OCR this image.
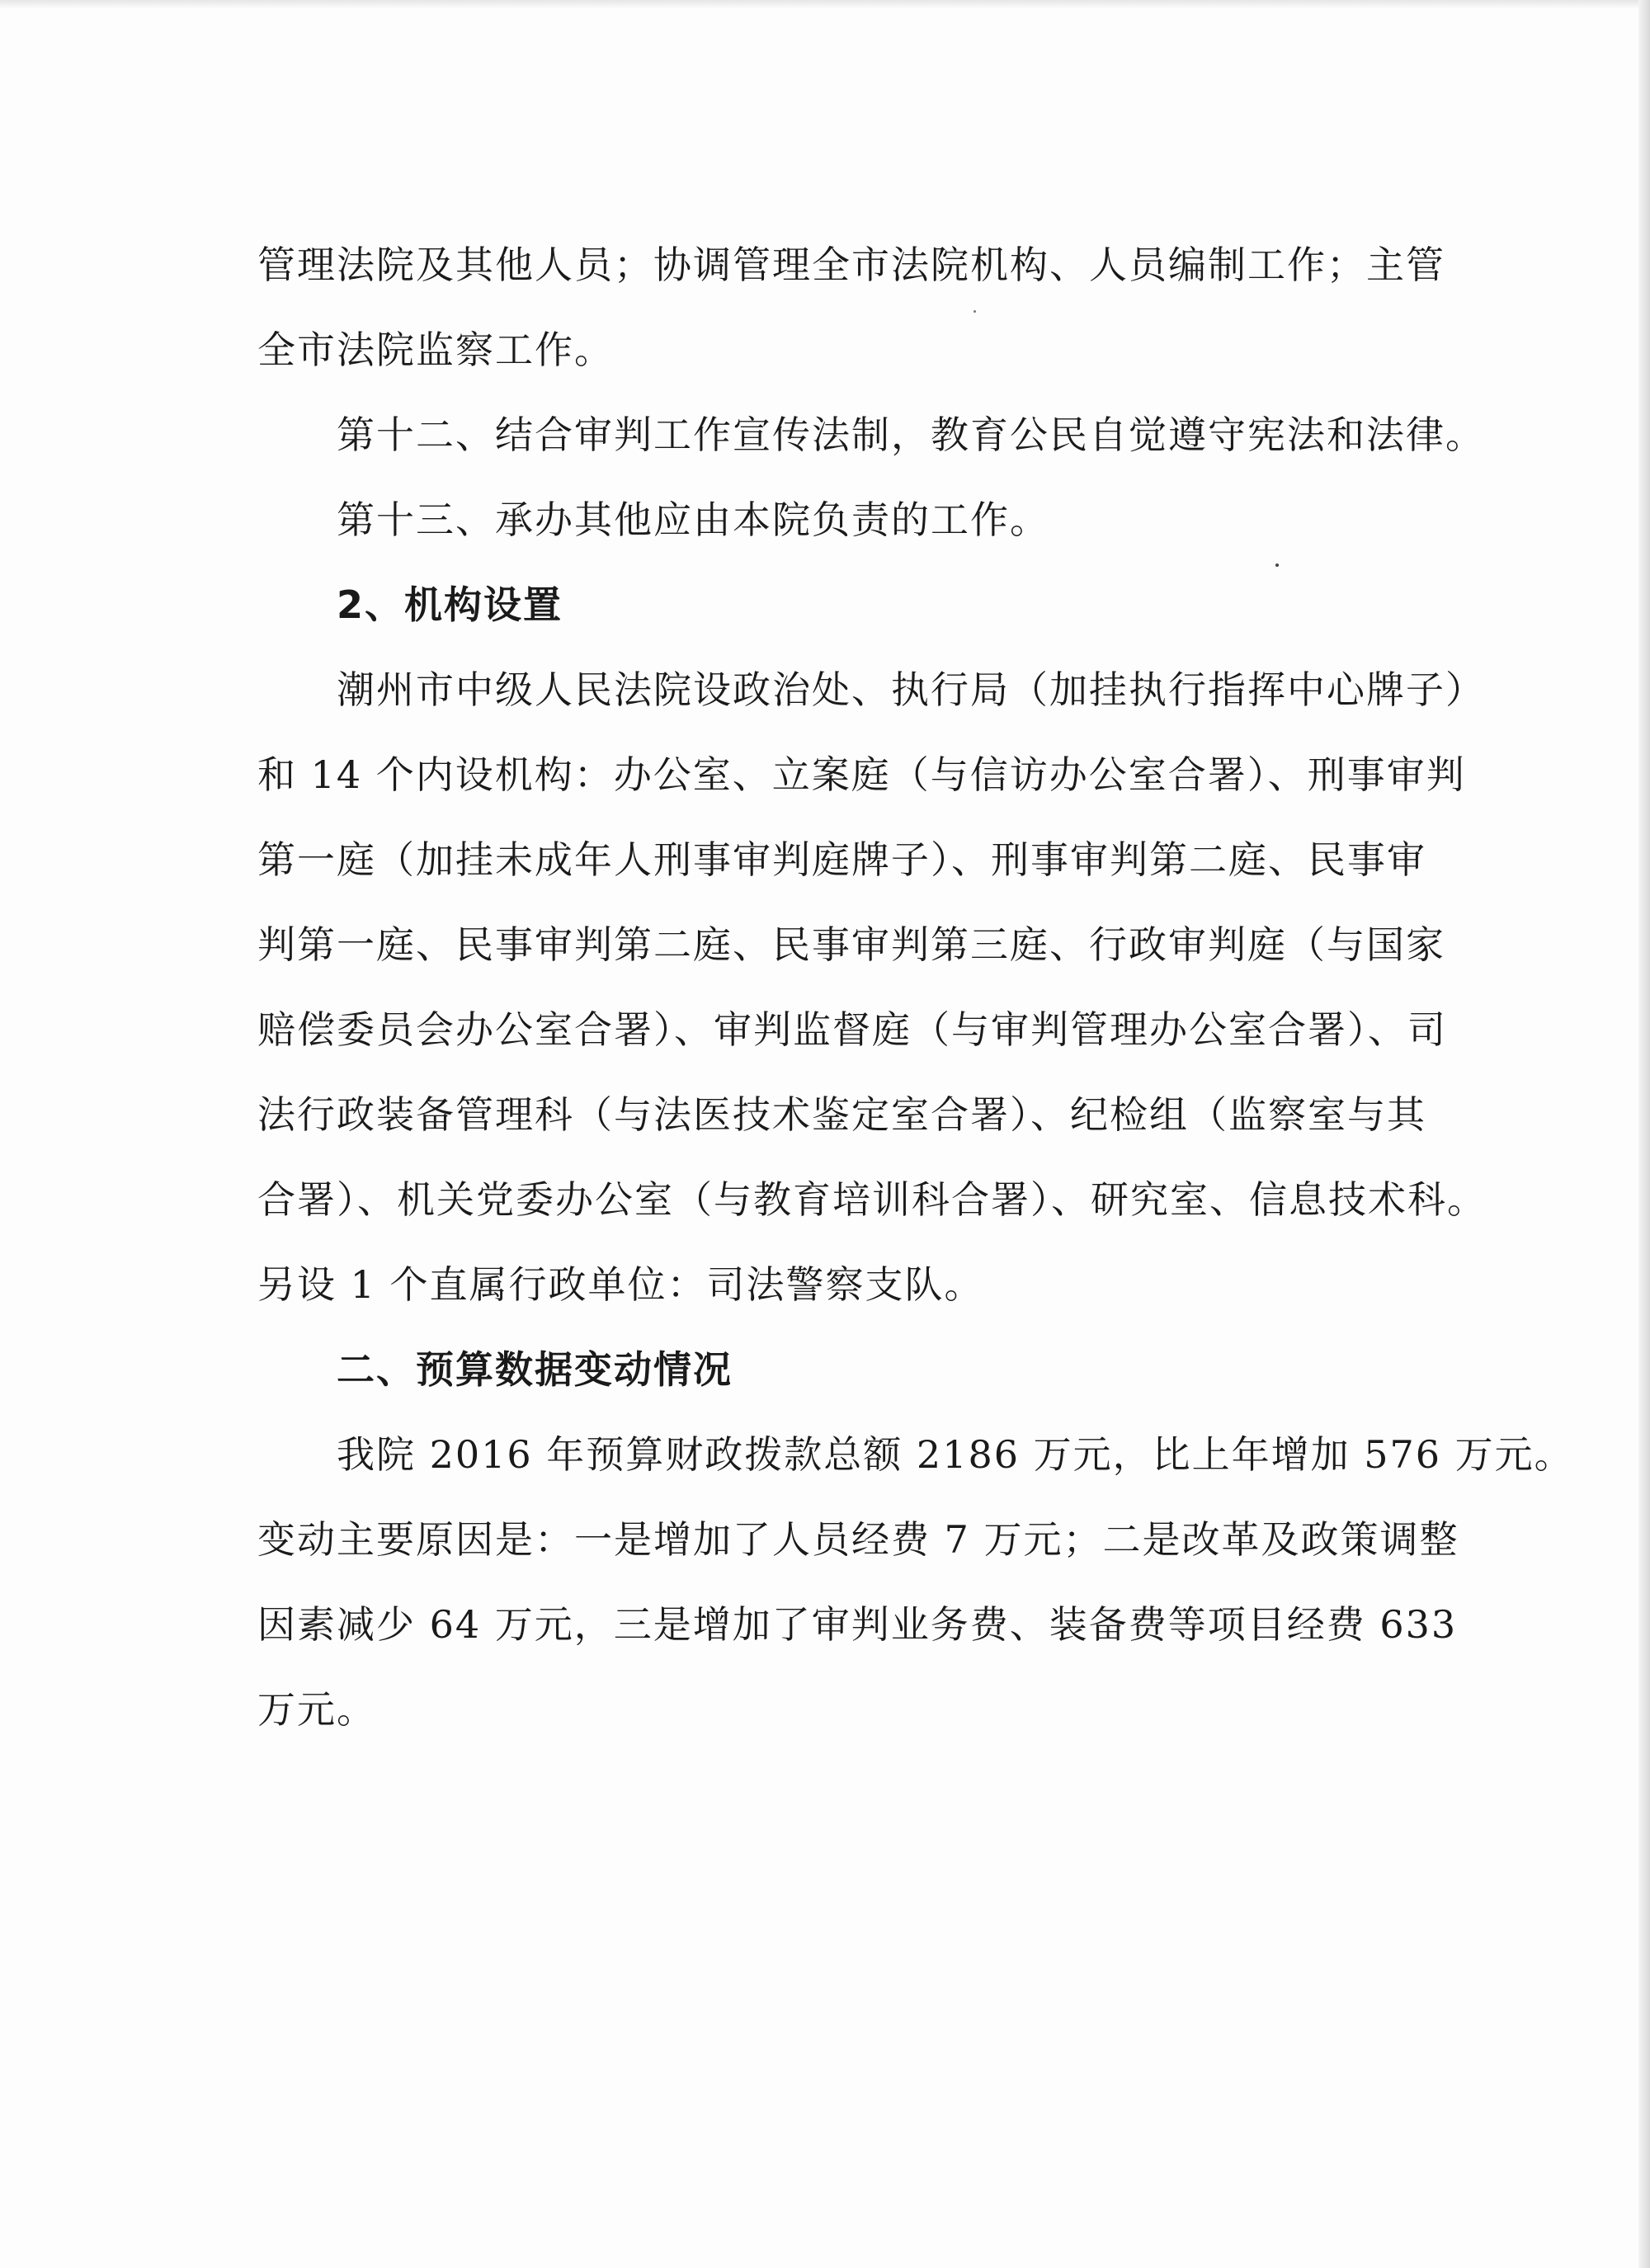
管理法院及其他人员；协调管理全市法院机构、人员编制工作；主管
全市法院监察工作。
第十二、结合审判工作宣传法制，教育公民自觉遵守宪法和法律。
第十三、承办其他应由本院负责的工作。
2、机构设置
潮州市中级人民法院设政治处、执行局（加挂执行指挥中心牌子）
和 14 个内设机构：办公室、立案庭（与信访办公室合署）、刑事审判
第一庭（加挂未成年人刑事审判庭牌子）、刑事审判第二庭、民事审
判第一庭、民事审判第二庭、民事审判第三庭、行政审判庭（与国家
赔偿委员会办公室合署）、审判监督庭（与审判管理办公室合署）、司
法行政装备管理科（与法医技术鉴定室合署）、纪检组（监察室与其
合署）、机关党委办公室（与教育培训科合署）、研究室、信息技术科。
另设 1 个直属行政单位：司法警察支队。
二、预算数据变动情况
我院 2016 年预算财政拨款总额 2186 万元，比上年增加 576 万元。
变动主要原因是：一是增加了人员经费 7 万元；二是改革及政策调整
因素减少 64 万元，三是增加了审判业务费、装备费等项目经费 633
万元。
